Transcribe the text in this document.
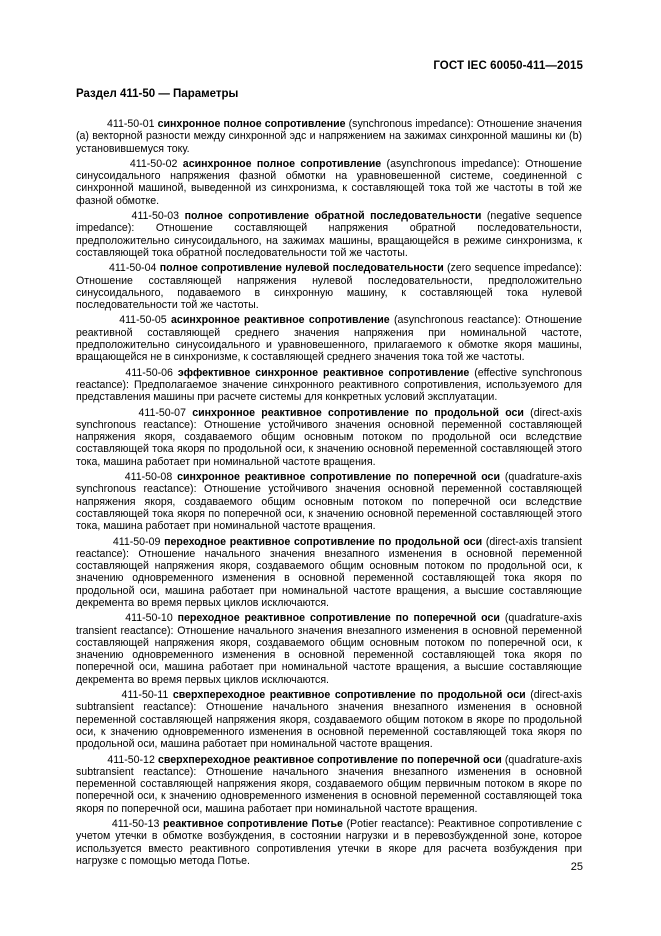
ГОСТ IEC 60050-411—2015
Раздел 411-50 — Параметры

411-50-01 синхронное полное сопротивление (synchronous impedance): Отношение значения (а) векторной разности между синхронной эдс и напряжением на зажимах синхронной машины ки (b) установившемуся току.

411-50-02 асинхронное полное сопротивление (asynchronous impedance): Отношение синусоидального напряжения фазной обмотки на уравновешенной системе, соединенной с синхронной машиной, выведенной из синхронизма, к составляющей тока той же частоты в той же фазной обмотке.

411-50-03 полное сопротивление обратной последовательности (negative sequence impedance): Отношение составляющей напряжения обратной последовательности, предположительно синусоидального, на зажимах машины, вращающейся в режиме синхронизма, к составляющей тока обратной последовательности той же частоты.

411-50-04 полное сопротивление нулевой последовательности (zero sequence impedance): Отношение составляющей напряжения нулевой последовательности, предположительно синусоидального, подаваемого в синхронную машину, к составляющей тока нулевой последовательности той же частоты.

411-50-05 асинхронное реактивное сопротивление (asynchronous reactance): Отношение реактивной составляющей среднего значения напряжения при номинальной частоте, предположительно синусоидального и уравновешенного, прилагаемого к обмотке якоря машины, вращающейся не в синхронизме, к составляющей среднего значения тока той же частоты.

411-50-06 эффективное синхронное реактивное сопротивление (effective synchronous reactance): Предполагаемое значение синхронного реактивного сопротивления, используемого для представления машины при расчете системы для конкретных условий эксплуатации.

411-50-07 синхронное реактивное сопротивление по продольной оси (direct-axis synchronous reactance): Отношение устойчивого значения основной переменной составляющей напряжения якоря, создаваемого общим основным потоком по продольной оси вследствие составляющей тока якоря по продольной оси, к значению основной переменной составляющей этого тока, машина работает при номинальной частоте вращения.

411-50-08 синхронное реактивное сопротивление по поперечной оси (quadrature-axis synchronous reactance): Отношение устойчивого значения основной переменной составляющей напряжения якоря, создаваемого общим основным потоком по поперечной оси вследствие составляющей тока якоря по поперечной оси, к значению основной переменной составляющей этого тока, машина работает при номинальной частоте вращения.

411-50-09 переходное реактивное сопротивление по продольной оси (direct-axis transient reactance): Отношение начального значения внезапного изменения в основной переменной составляющей напряжения якоря, создаваемого общим основным потоком по продольной оси, к значению одновременного изменения в основной переменной составляющей тока якоря по продольной оси, машина работает при номинальной частоте вращения, а высшие составляющие декремента во время первых циклов исключаются.

411-50-10 переходное реактивное сопротивление по поперечной оси (quadrature-axis transient reactance): Отношение начального значения внезапного изменения в основной переменной составляющей напряжения якоря, создаваемого общим основным потоком по поперечной оси, к значению одновременного изменения в основной переменной составляющей тока якоря по поперечной оси, машина работает при номинальной частоте вращения, а высшие составляющие декремента во время первых циклов исключаются.

411-50-11 сверхпереходное реактивное сопротивление по продольной оси (direct-axis subtransient reactance): Отношение начального значения внезапного изменения в основной переменной составляющей напряжения якоря, создаваемого общим потоком в якоре по продольной оси, к значению одновременного изменения в основной переменной составляющей тока якоря по продольной оси, машина работает при номинальной частоте вращения.

411-50-12 сверхпереходное реактивное сопротивление по поперечной оси (quadrature-axis subtransient reactance): Отношение начального значения внезапного изменения в основной переменной составляющей напряжения якоря, создаваемого общим первичным потоком в якоре по поперечной оси, к значению одновременного изменения в основной переменной составляющей тока якоря по поперечной оси, машина работает при номинальной частоте вращения.

411-50-13 реактивное сопротивление Потье (Potier reactance): Реактивное сопротивление с учетом утечки в обмотке возбуждения, в состоянии нагрузки и в перевозбужденной зоне, которое используется вместо реактивного сопротивления утечки в якоре для расчета возбуждения при нагрузке с помощью метода Потье.

25
